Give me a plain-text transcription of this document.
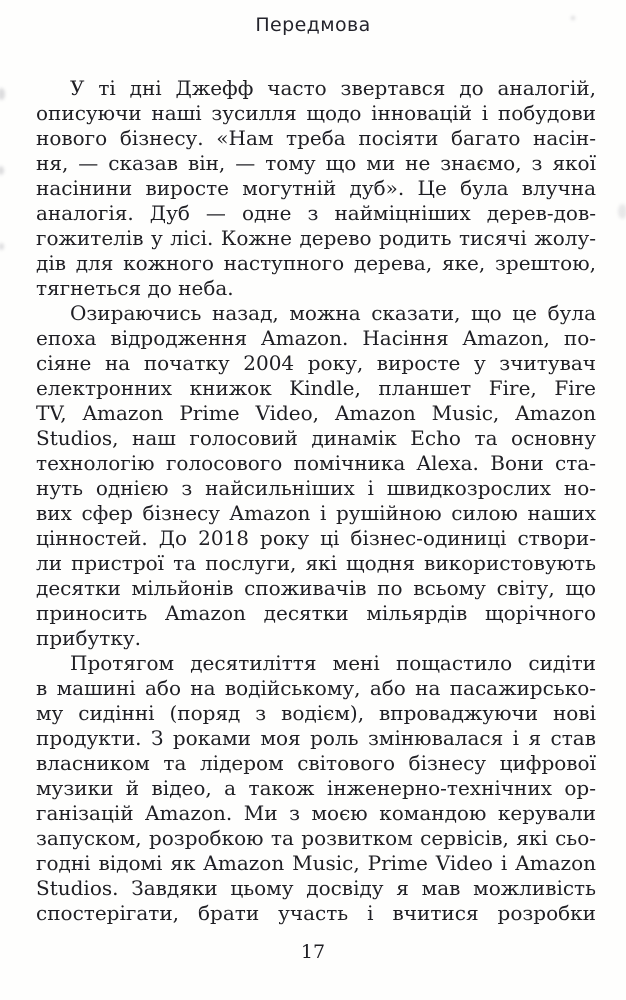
Передмова
У ті дні Джефф часто звертався до аналогій,
описуючи наші зусилля щодо інновацій і побудови
нового бізнесу. «Нам треба посіяти багато насін-
ня, — сказав він, — тому що ми не знаємо, з якої
насінини виросте могутній дуб». Це була влучна
аналогія. Дуб — одне з найміцніших дерев-дов-
гожителів у лісі. Кожне дерево родить тисячі жолу-
дів для кожного наступного дерева, яке, зрештою,
тягнеться до неба.
Озираючись назад, можна сказати, що це була
епоха відродження Amazon. Насіння Amazon, по-
сіяне на початку 2004 року, виросте у зчитувач
електронних книжок Kindle, планшет Fire, Fire
TV, Amazon Prime Video, Amazon Music, Amazon
Studios, наш голосовий динамік Echo та основну
технологію голосового помічника Alexa. Вони ста-
нуть однією з найсильніших і швидкозрослих но-
вих сфер бізнесу Amazon і рушійною силою наших
цінностей. До 2018 року ці бізнес-одиниці створи-
ли пристрої та послуги, які щодня використовують
десятки мільйонів споживачів по всьому світу, що
приносить Amazon десятки мільярдів щорічного
прибутку.
Протягом десятиліття мені пощастило сидіти
в машині або на водійському, або на пасажирсько-
му сидінні (поряд з водієм), впроваджуючи нові
продукти. З роками моя роль змінювалася і я став
власником та лідером світового бізнесу цифрової
музики й відео, а також інженерно-технічних ор-
ганізацій Amazon. Ми з моєю командою керували
запуском, розробкою та розвитком сервісів, які сьо-
годні відомі як Amazon Music, Prime Video і Amazon
Studios. Завдяки цьому досвіду я мав можливість
спостерігати, брати участь і вчитися розробки
17
